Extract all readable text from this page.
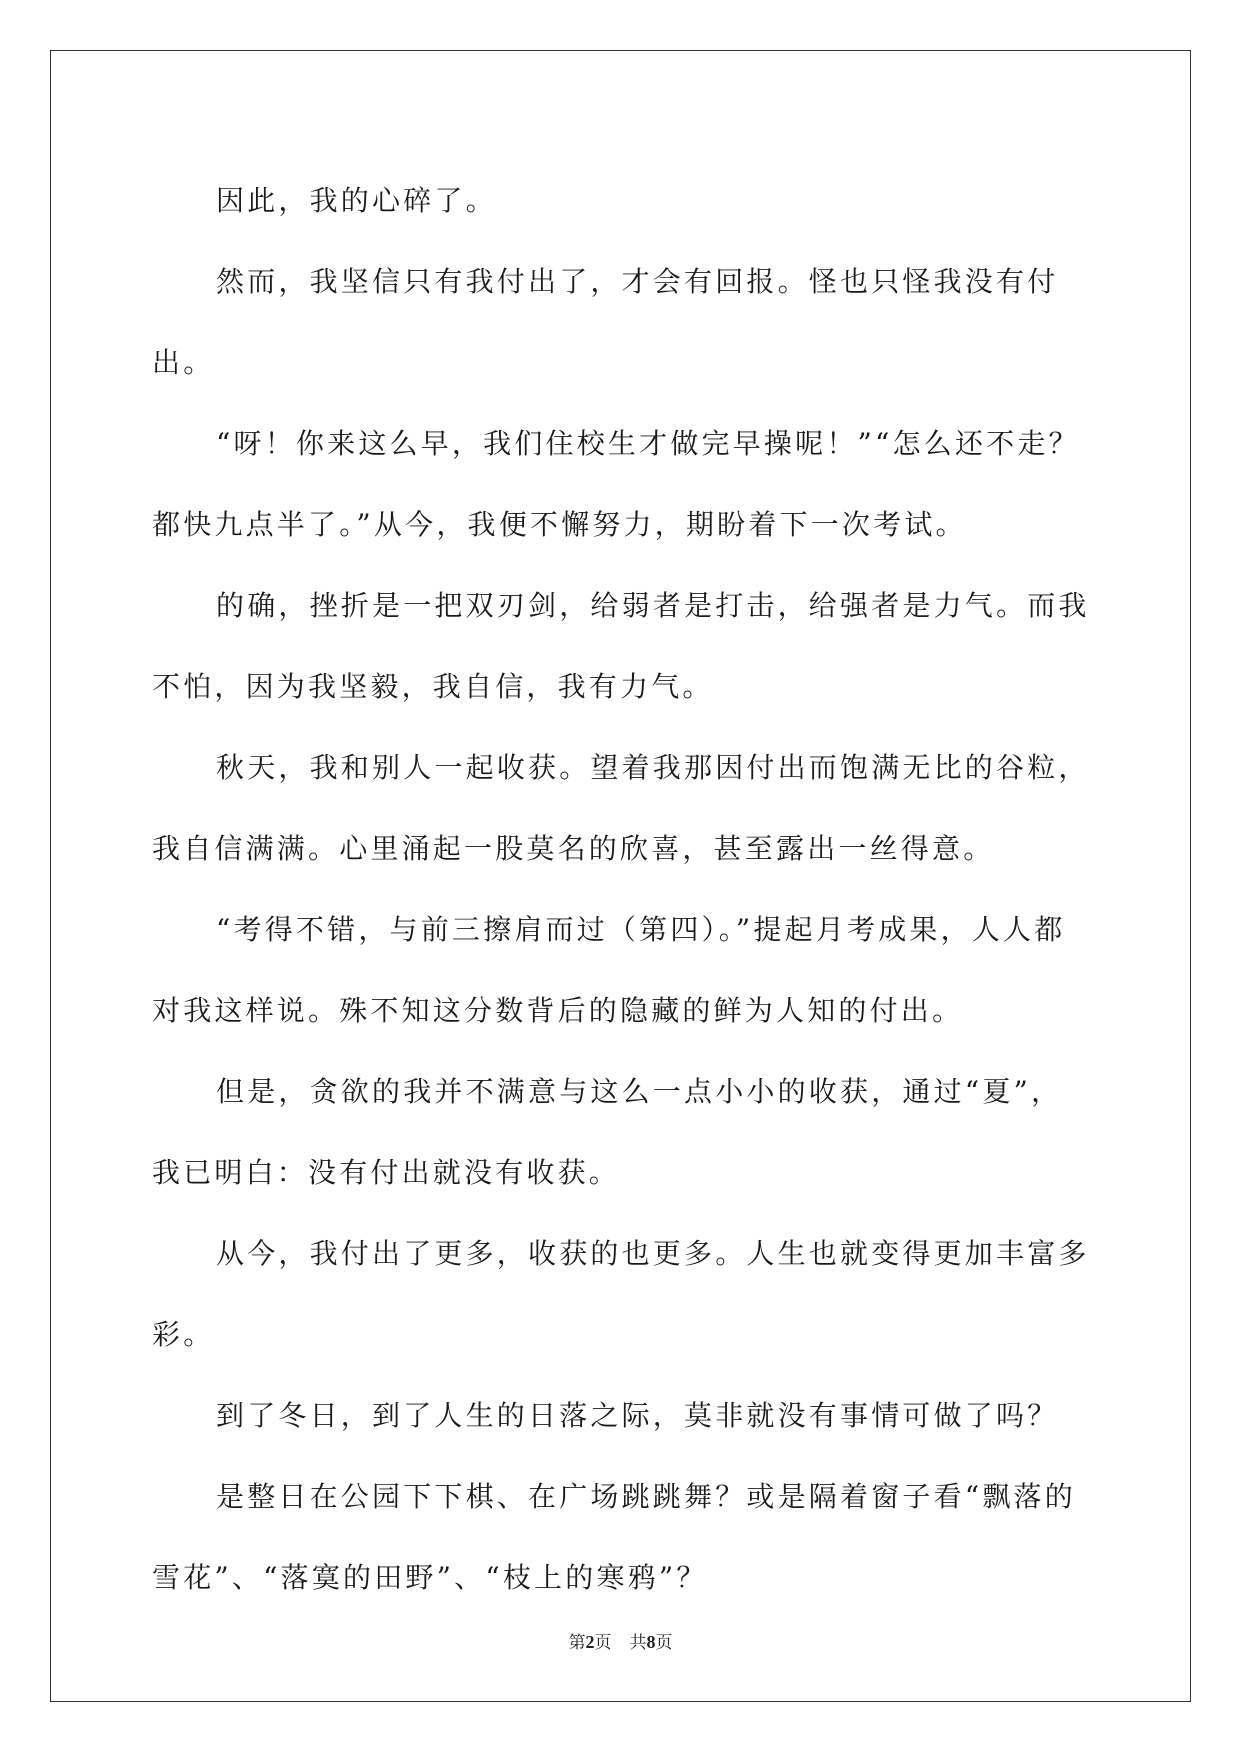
因此，我的心碎了。

然而，我坚信只有我付出了，才会有回报。怪也只怪我没有付出。

“呀！你来这么早，我们住校生才做完早操呢！”“怎么还不走？都快九点半了。”从今，我便不懈努力，期盼着下一次考试。

的确，挫折是一把双刃剑，给弱者是打击，给强者是力气。而我不怕，因为我坚毅，我自信，我有力气。

秋天，我和别人一起收获。望着我那因付出而饱满无比的谷粒，我自信满满。心里涌起一股莫名的欣喜，甚至露出一丝得意。

“考得不错，与前三擦肩而过（第四）。”提起月考成果，人人都对我这样说。殊不知这分数背后的隐藏的鲜为人知的付出。

但是，贪欲的我并不满意与这么一点小小的收获，通过“夏”，我已明白：没有付出就没有收获。

从今，我付出了更多，收获的也更多。人生也就变得更加丰富多彩。

到了冬日，到了人生的日落之际，莫非就没有事情可做了吗？

是整日在公园下下棋、在广场跳跳舞？或是隔着窗子看“飘落的雪花”、“落寞的田野”、“枝上的寒鸦”？

第2页 共8页
